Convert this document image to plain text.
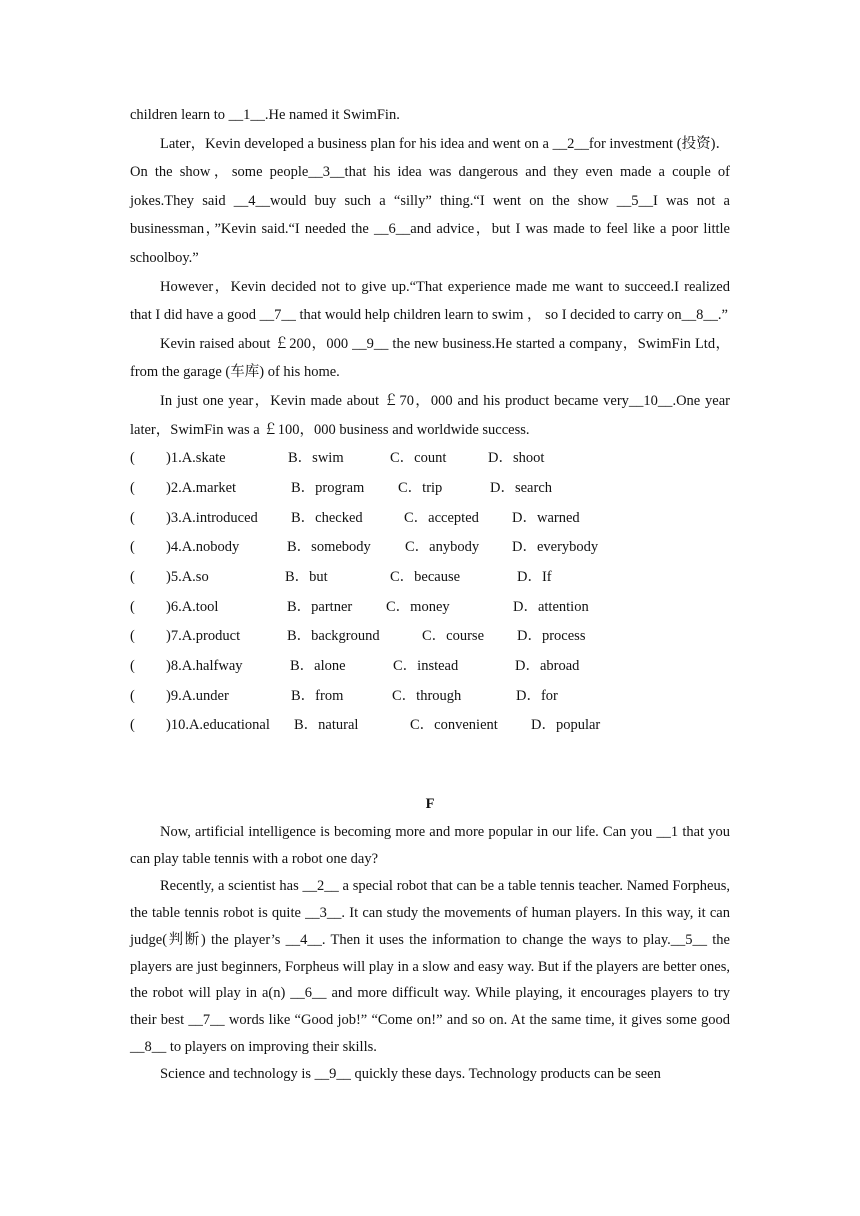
children learn to __1__.He named it SwimFin.

Later，Kevin developed a business plan for his idea and went on a __2__for investment (投资)．On the show，some people__3__that his idea was dangerous and they even made a couple of jokes.They said __4__would buy such a “silly” thing.“I went on the show __5__I was not a businessman，”Kevin said.“I needed the __6__and advice，but I was made to feel like a poor little schoolboy.”

However，Kevin decided not to give up.“That experience made me want to succeed.I realized that I did have a good __7__ that would help children learn to swim ， so I decided to carry on__8__.”

Kevin raised about ￡200，000 __9__ the new business.He started a company，SwimFin Ltd，from the garage (车库) of his home.

In just one year，Kevin made about ￡70，000 and his product became very__10__.One year later，SwimFin was a ￡100，000 business and worldwide success.

( )1.A.skate	B．swim	C．count	D．shoot
( )2.A.market	B．program C．trip	D．search
( )3.A.introduced B．checked	C．accepted D．warned
( )4.A.nobody	B．somebody C．anybody D．everybody
( )5.A.so	B．but	C．because	D．If
( )6.A.tool	B．partner C．money	D．attention
( )7.A.product	B．background	C．course D．process
( )8.A.halfway	B．alone	C．instead	D．abroad
( )9.A.under	B．from	C．through	D．for
( )10.A.educational B．natural	C．convenient D．popular
F

Now, artificial intelligence is becoming more and more popular in our life. Can you __1 that you can play table tennis with a robot one day?

Recently, a scientist has __2__ a special robot that can be a table tennis teacher. Named Forpheus, the table tennis robot is quite __3__. It can study the movements of human players. In this way, it can judge(判断) the player’s __4__. Then it uses the information to change the ways to play.__5__ the players are just beginners, Forpheus will play in a slow and easy way. But if the players are better ones, the robot will play in a(n) __6__ and more difficult way. While playing, it encourages players to try their best __7__ words like “Good job!” “Come on!” and so on. At the same time, it gives some good __8__ to players on improving their skills.

Science and technology is __9__ quickly these days. Technology products can be seen
